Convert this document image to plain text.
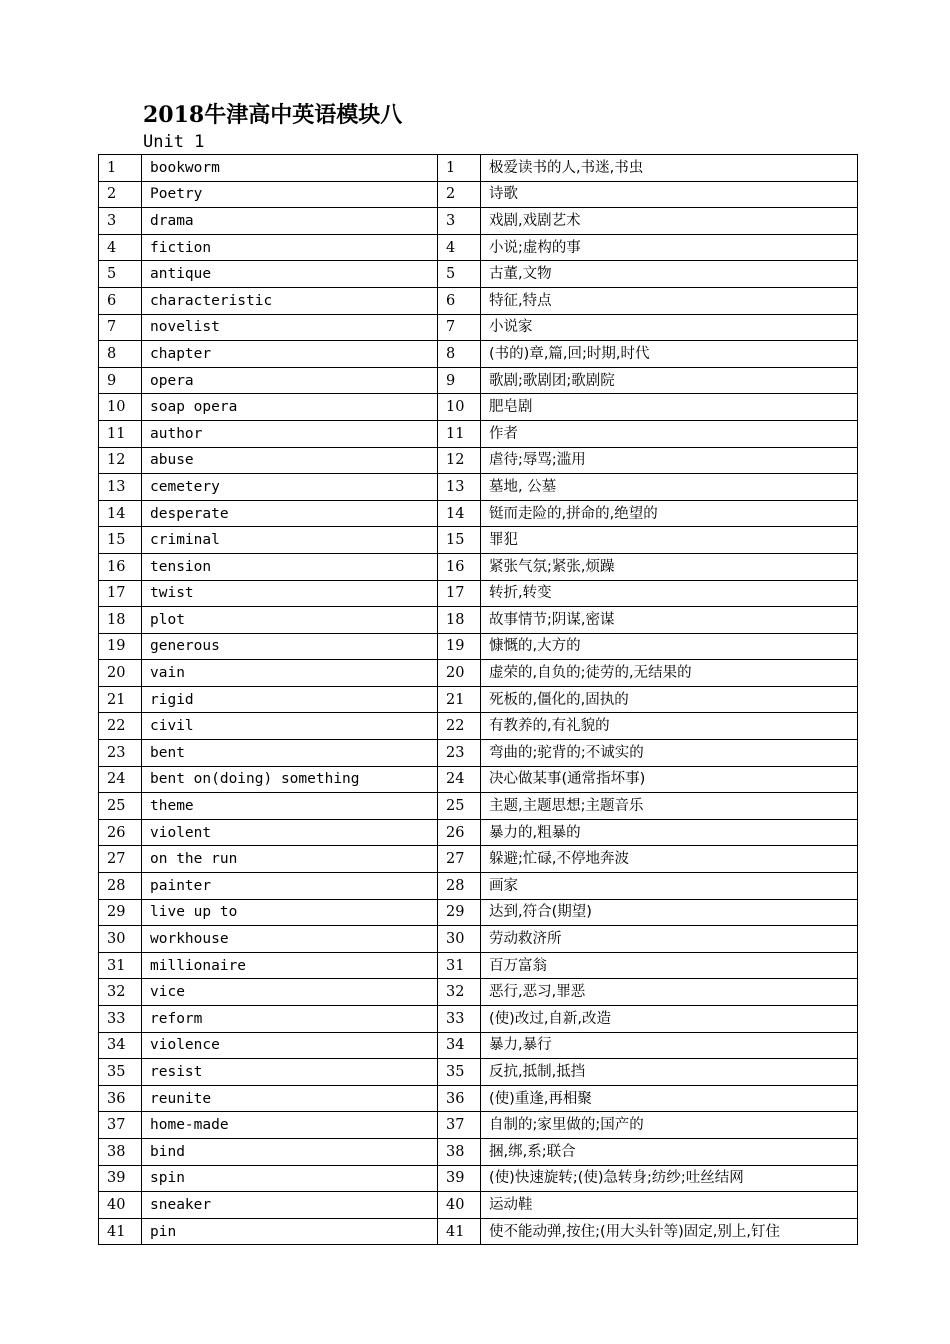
2018牛津高中英语模块八
Unit 1
1	bookworm	1	极爱读书的人,书迷,书虫
2	Poetry	2	诗歌
3	drama	3	戏剧,戏剧艺术
4	fiction	4	小说;虚构的事
5	antique	5	古董,文物
6	characteristic	6	特征,特点
7	novelist	7	小说家
8	chapter	8	(书的)章,篇,回;时期,时代
9	opera	9	歌剧;歌剧团;歌剧院
10	soap opera	10	肥皂剧
11	author	11	作者
12	abuse	12	虐待;辱骂;滥用
13	cemetery	13	墓地, 公墓
14	desperate	14	铤而走险的,拼命的,绝望的
15	criminal	15	罪犯
16	tension	16	紧张气氛;紧张,烦躁
17	twist	17	转折,转变
18	plot	18	故事情节;阴谋,密谋
19	generous	19	慷慨的,大方的
20	vain	20	虚荣的,自负的;徒劳的,无结果的
21	rigid	21	死板的,僵化的,固执的
22	civil	22	有教养的,有礼貌的
23	bent	23	弯曲的;驼背的;不诚实的
24	bent on(doing) something	24	决心做某事(通常指坏事)
25	theme	25	主题,主题思想;主题音乐
26	violent	26	暴力的,粗暴的
27	on the run	27	躲避;忙碌,不停地奔波
28	painter	28	画家
29	live up to	29	达到,符合(期望)
30	workhouse	30	劳动救济所
31	millionaire	31	百万富翁
32	vice	32	恶行,恶习,罪恶
33	reform	33	(使)改过,自新,改造
34	violence	34	暴力,暴行
35	resist	35	反抗,抵制,抵挡
36	reunite	36	(使)重逢,再相聚
37	home-made	37	自制的;家里做的;国产的
38	bind	38	捆,绑,系;联合
39	spin	39	(使)快速旋转;(使)急转身;纺纱;吐丝结网
40	sneaker	40	运动鞋
41	pin	41	使不能动弹,按住;(用大头针等)固定,别上,钉住
